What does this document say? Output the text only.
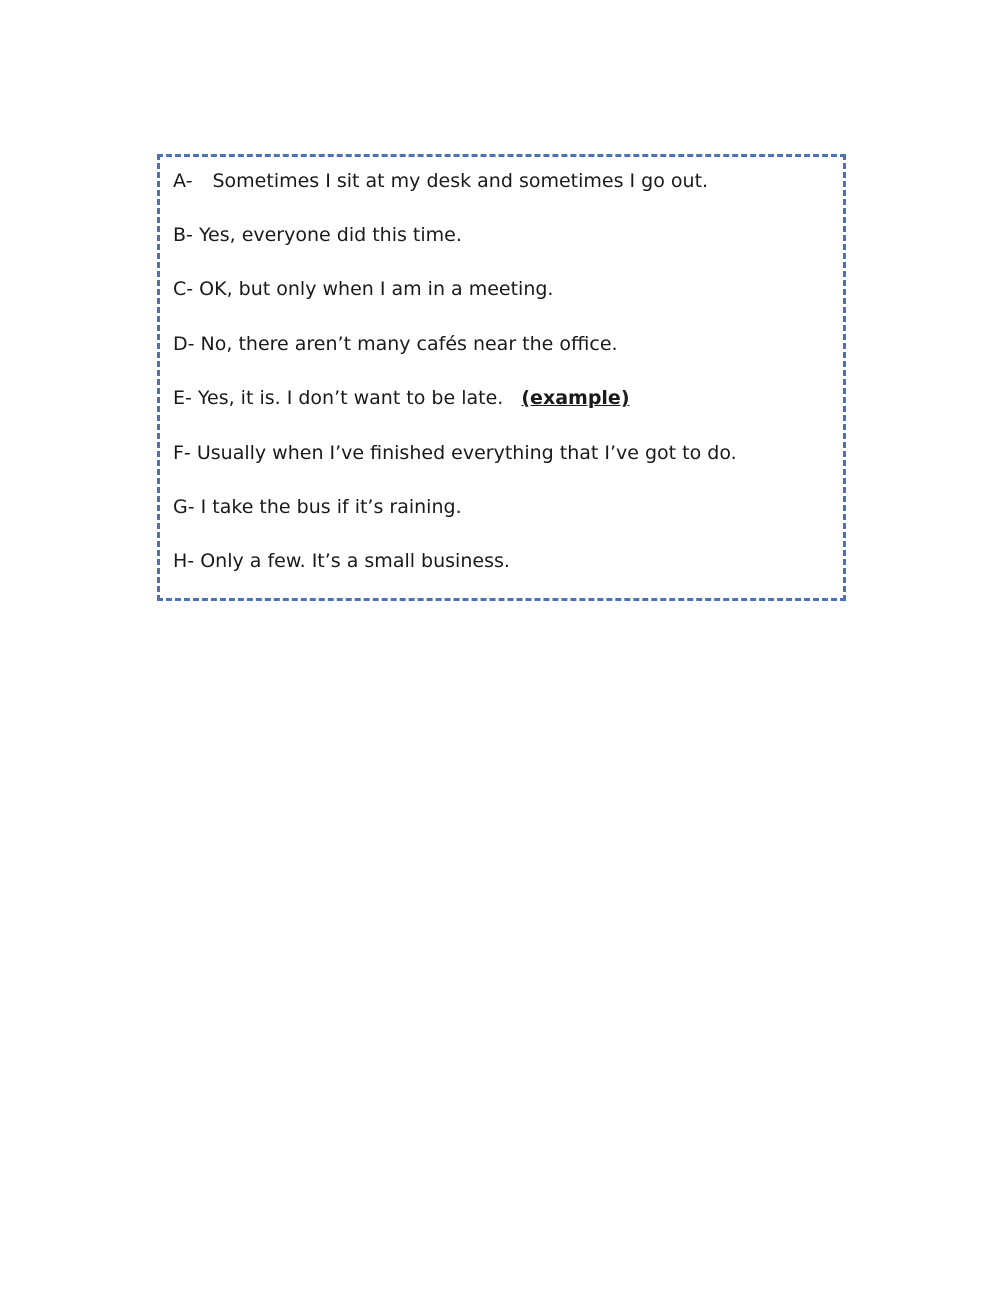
A- Sometimes I sit at my desk and sometimes I go out.
B- Yes, everyone did this time.
C- OK, but only when I am in a meeting.
D- No, there aren’t many cafés near the office.
E- Yes, it is. I don’t want to be late. (example)
F- Usually when I’ve finished everything that I’ve got to do.
G- I take the bus if it’s raining.
H- Only a few. It’s a small business.
